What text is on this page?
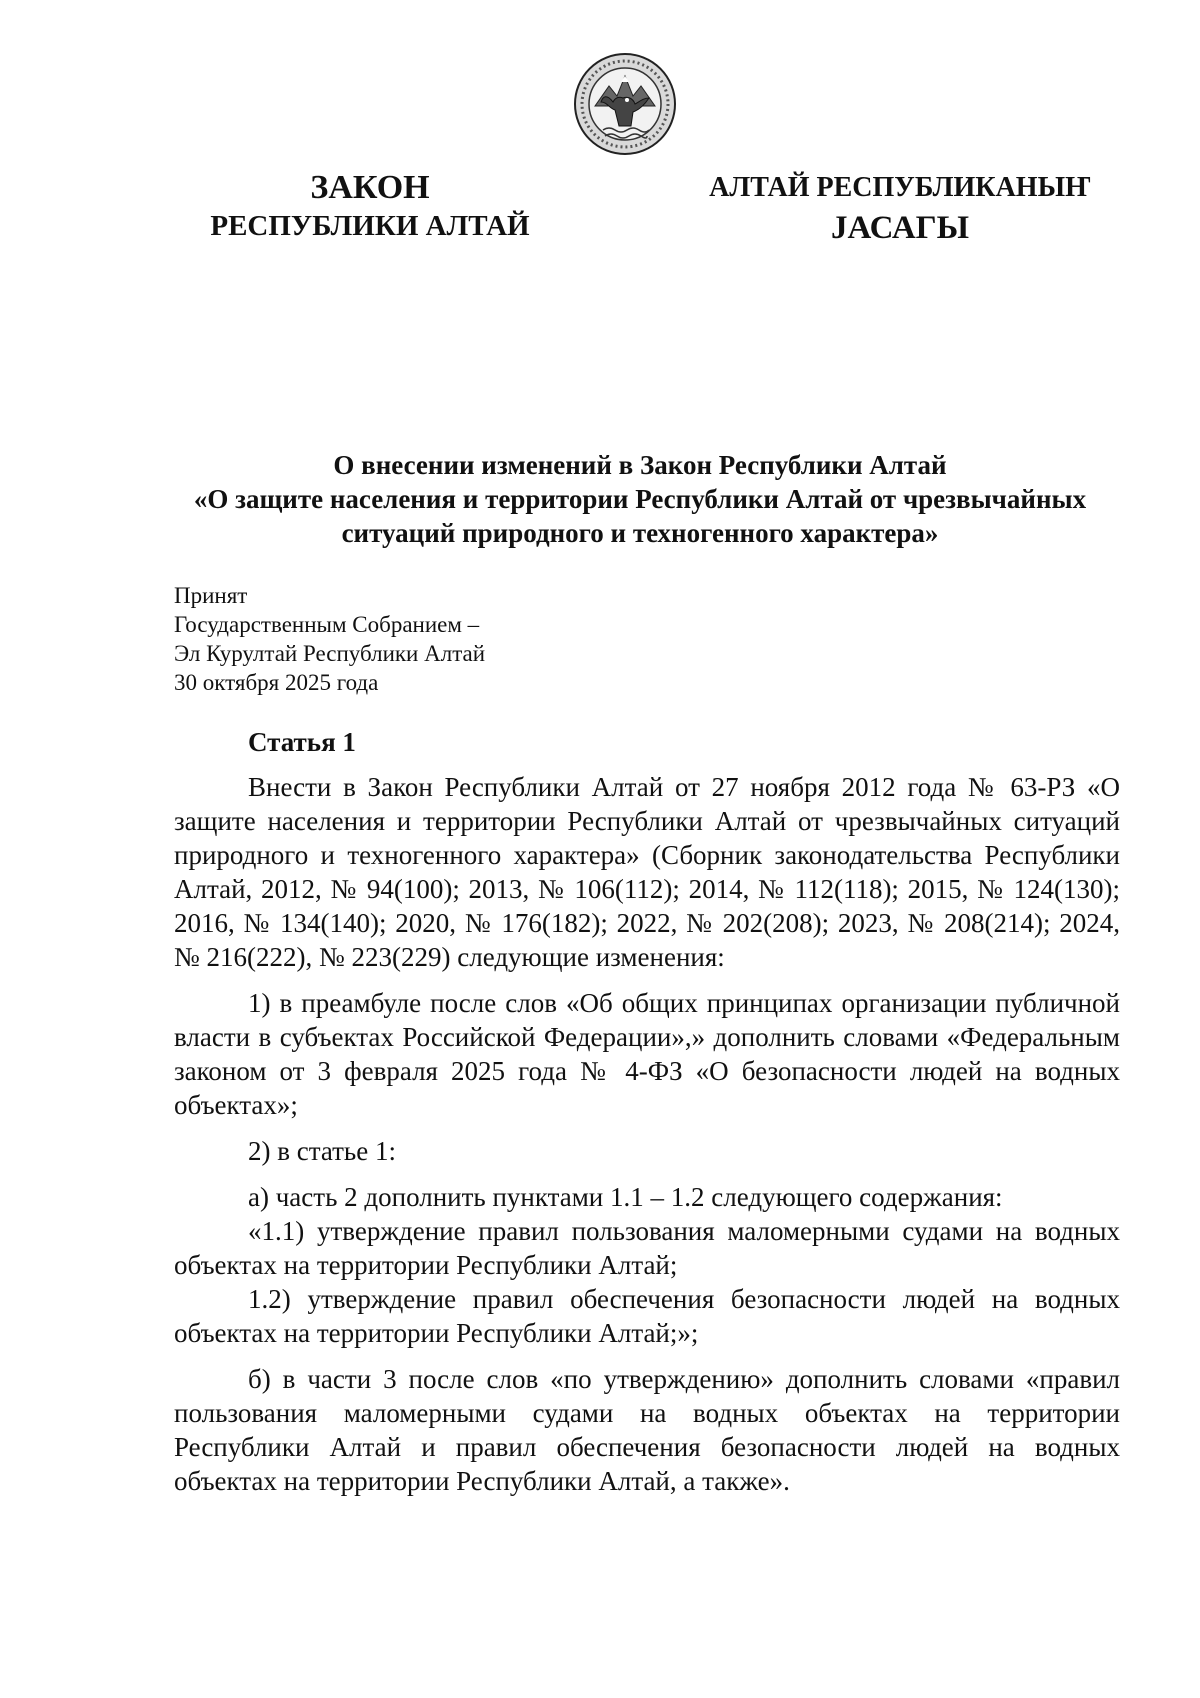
ЗАКОН
РЕСПУБЛИКИ АЛТАЙ
АЛТАЙ РЕСПУБЛИКАНЫҤ
JАСАГЫ
О внесении изменений в Закон Республики Алтай
«О защите населения и территории Республики Алтай от чрезвычайных
ситуаций природного и техногенного характера»
Принят
Государственным Собранием –
Эл Курултай Республики Алтай
30 октября 2025 года
Статья 1

Внести в Закон Республики Алтай от 27 ноября 2012 года № 63-РЗ «О защите населения и территории Республики Алтай от чрезвычайных ситуаций природного и техногенного характера» (Сборник законодательства Республики Алтай, 2012, № 94(100); 2013, № 106(112); 2014, № 112(118); 2015, № 124(130); 2016, № 134(140); 2020, № 176(182); 2022, № 202(208); 2023, № 208(214); 2024, № 216(222), № 223(229) следующие изменения:

1) в преамбуле после слов «Об общих принципах организации публичной власти в субъектах Российской Федерации»,» дополнить словами «Федеральным законом от 3 февраля 2025 года № 4-ФЗ «О безопасности людей на водных объектах»;

2) в статье 1:

а) часть 2 дополнить пунктами 1.1 – 1.2 следующего содержания:

«1.1) утверждение правил пользования маломерными судами на водных объектах на территории Республики Алтай;

1.2) утверждение правил обеспечения безопасности людей на водных объектах на территории Республики Алтай;»;

б) в части 3 после слов «по утверждению» дополнить словами «правил пользования маломерными судами на водных объектах на территории Республики Алтай и правил обеспечения безопасности людей на водных объектах на территории Республики Алтай, а также».
